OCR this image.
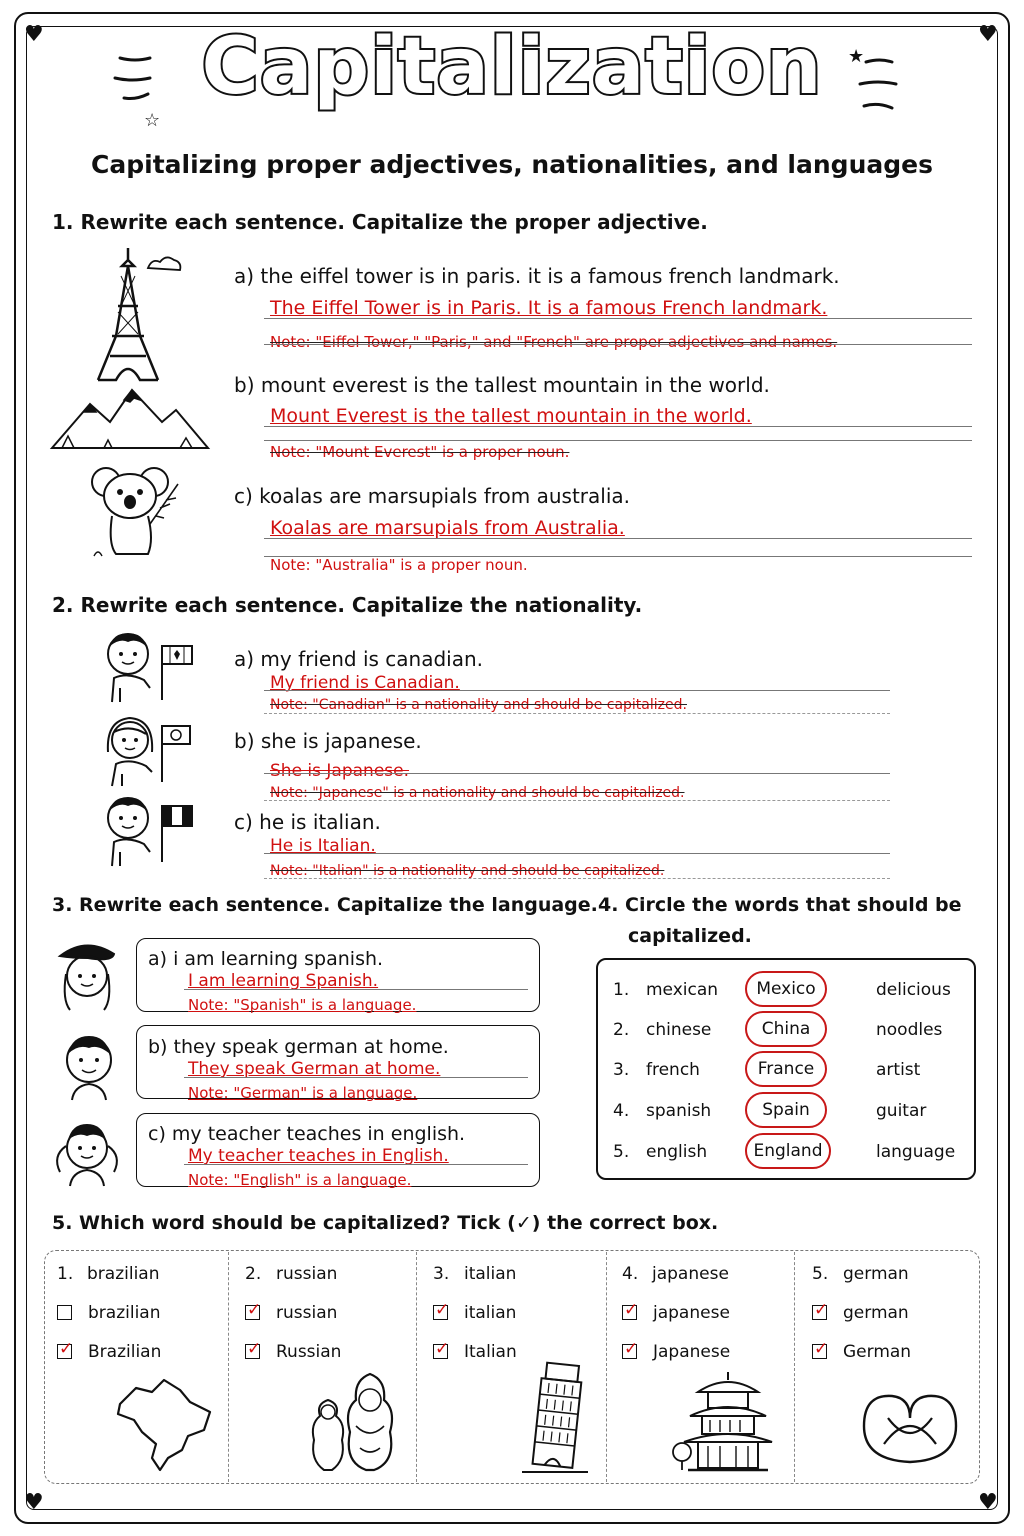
♥	♥
♥	♥
Capitalization
☆
★
Capitalizing proper adjectives, nationalities, and languages
1. Rewrite each sentence. Capitalize the proper adjective.
a) the eiffel tower is in paris. it is a famous french landmark.
The Eiffel Tower is in Paris. It is a famous French landmark.
Note: "Eiffel Tower," "Paris," and "French" are proper adjectives and names.
b) mount everest is the tallest mountain in the world.
Mount Everest is the tallest mountain in the world.
Note: "Mount Everest" is a proper noun.
c) koalas are marsupials from australia.
Koalas are marsupials from Australia.
Note: "Australia" is a proper noun.
2. Rewrite each sentence. Capitalize the nationality.
a) my friend is canadian.
My friend is Canadian.
Note: "Canadian" is a nationality and should be capitalized.
b) she is japanese.
She is Japanese.
Note: "Japanese" is a nationality and should be capitalized.
c) he is italian.
He is Italian.
Note: "Italian" is a nationality and should be capitalized.
3. Rewrite each sentence. Capitalize the language.
a) i am learning spanish.
I am learning Spanish.
Note: "Spanish" is a language.
b) they speak german at home.
They speak German at home.
Note: "German" is a language.
c) my teacher teaches in english.
My teacher teaches in English.
Note: "English" is a language.
4. Circle the words that should be
capitalized.
1. mexican	Mexico	delicious
2. chinese	China	noodles
3. french	France	artist
4. spanish	Spain	guitar
5. english	England	language
5. Which word should be capitalized? Tick (✓) the correct box.
1. brazilian
brazilian
✓ Brazilian
2. russian
✓ russian
✓ Russian
3. italian
✓ italian
✓ Italian
4. japanese
✓ japanese
✓ Japanese
5. german
✓ german
✓ German
